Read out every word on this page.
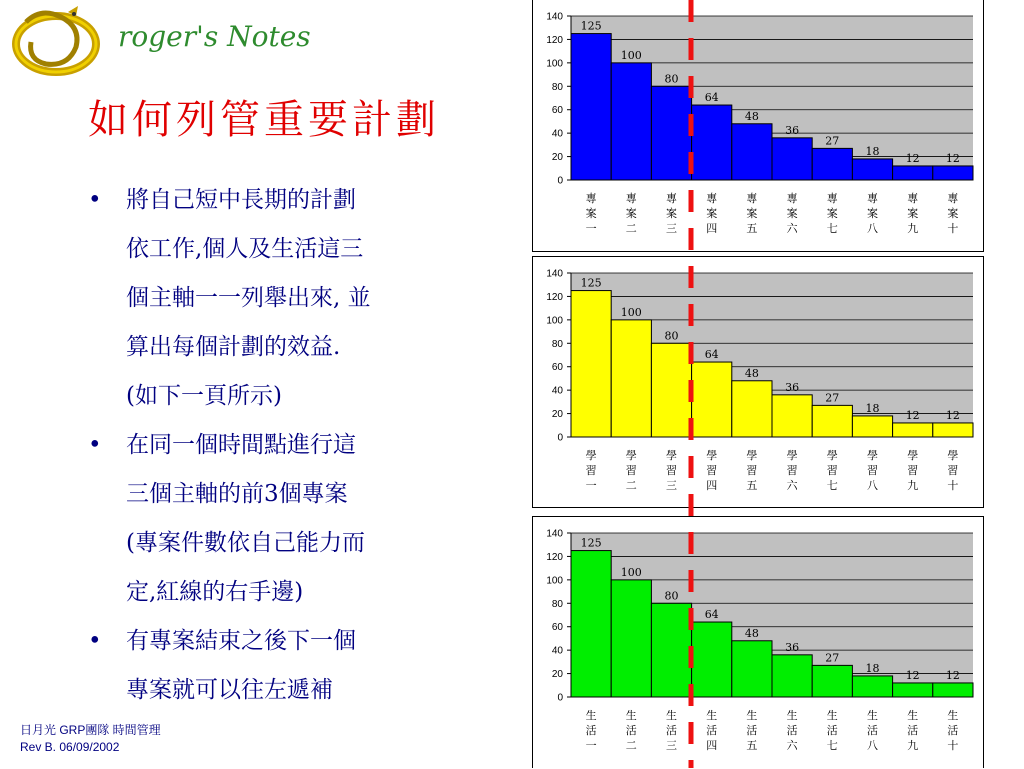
roger's Notes
如何列管重要計劃
• 將自己短中長期的計劃
依工作,個人及生活這三
個主軸一一列舉出來, 並
算出每個計劃的效益.
(如下一頁所示)
• 在同一個時間點進行這
三個主軸的前3個專案
(專案件數依自己能力而
定,紅線的右手邊)
• 有專案結束之後下一個
專案就可以往左遞補
日月光 GRP團隊 時間管理
Rev B. 06/09/2002
0
20
40
60
80
100
120
140
125
專
案
一
100
專
案
二
80
專
案
三
64
專
案
四
48
專
案
五
36
專
案
六
27
專
案
七
18
專
案
八
12
專
案
九
12
專
案
十
0
20
40
60
80
100
120
140
125
學
習
一
100
學
習
二
80
學
習
三
64
學
習
四
48
學
習
五
36
學
習
六
27
學
習
七
18
學
習
八
12
學
習
九
12
學
習
十
0
20
40
60
80
100
120
140
125
生
活
一
100
生
活
二
80
生
活
三
64
生
活
四
48
生
活
五
36
生
活
六
27
生
活
七
18
生
活
八
12
生
活
九
12
生
活
十
